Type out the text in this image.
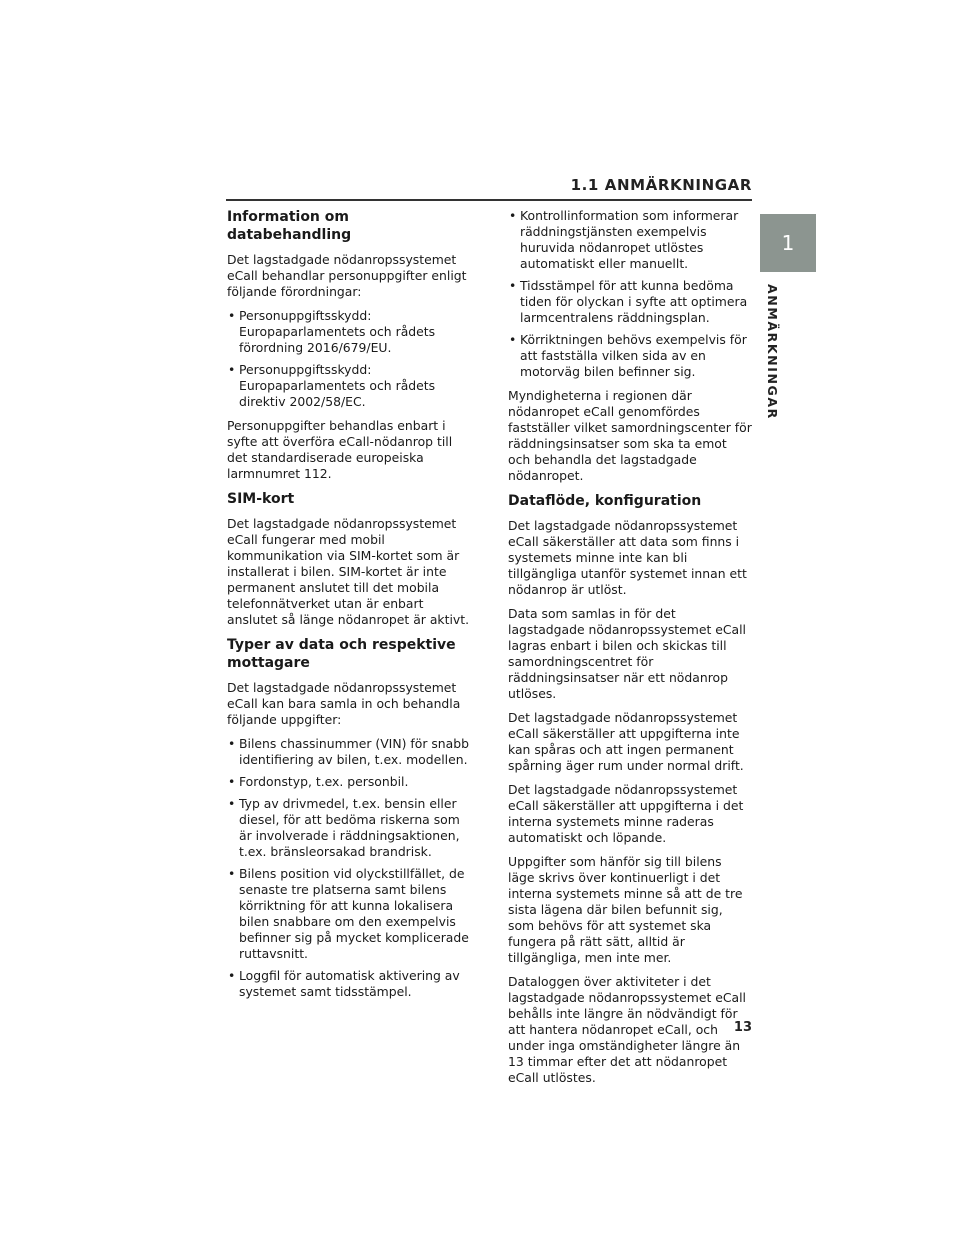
1.1 ANMÄRKNINGAR
1
ANMÄRKNINGAR
Information om databehandling

Det lagstadgade nödanropssystemet eCall behandlar personuppgifter enligt följande förordningar:

• Personuppgiftsskydd: Europaparlamentets och rådets förordning 2016/679/EU.
• Personuppgiftsskydd: Europaparlamentets och rådets direktiv 2002/58/EC.

Personuppgifter behandlas enbart i syfte att överföra eCall-nödanrop till det standardiserade europeiska larmnumret 112.

SIM-kort

Det lagstadgade nödanropssystemet eCall fungerar med mobil kommunikation via SIM-kortet som är installerat i bilen. SIM-kortet är inte permanent anslutet till det mobila telefonnätverket utan är enbart anslutet så länge nödanropet är aktivt.

Typer av data och respektive mottagare

Det lagstadgade nödanropssystemet eCall kan bara samla in och behandla följande uppgifter:

• Bilens chassinummer (VIN) för snabb identifiering av bilen, t.ex. modellen.
• Fordonstyp, t.ex. personbil.
• Typ av drivmedel, t.ex. bensin eller diesel, för att bedöma riskerna som är involverade i räddningsaktionen, t.ex. bränsleorsakad brandrisk.
• Bilens position vid olyckstillfället, de senaste tre platserna samt bilens körriktning för att kunna lokalisera bilen snabbare om den exempelvis befinner sig på mycket komplicerade ruttavsnitt.
• Loggfil för automatisk aktivering av systemet samt tidsstämpel.
• Kontrollinformation som informerar räddningstjänsten exempelvis huruvida nödanropet utlöstes automatiskt eller manuellt.
• Tidsstämpel för att kunna bedöma tiden för olyckan i syfte att optimera larmcentralens räddningsplan.
• Körriktningen behövs exempelvis för att fastställa vilken sida av en motorväg bilen befinner sig.

Myndigheterna i regionen där nödanropet eCall genomfördes fastställer vilket samordningscenter för räddningsinsatser som ska ta emot och behandla det lagstadgade nödanropet.

Dataflöde, konfiguration

Det lagstadgade nödanropssystemet eCall säkerställer att data som finns i systemets minne inte kan bli tillgängliga utanför systemet innan ett nödanrop är utlöst.

Data som samlas in för det lagstadgade nödanropssystemet eCall lagras enbart i bilen och skickas till samordningscentret för räddningsinsatser när ett nödanrop utlöses.

Det lagstadgade nödanropssystemet eCall säkerställer att uppgifterna inte kan spåras och att ingen permanent spårning äger rum under normal drift.

Det lagstadgade nödanropssystemet eCall säkerställer att uppgifterna i det interna systemets minne raderas automatiskt och löpande.

Uppgifter som hänför sig till bilens läge skrivs över kontinuerligt i det interna systemets minne så att de tre sista lägena där bilen befunnit sig, som behövs för att systemet ska fungera på rätt sätt, alltid är tillgängliga, men inte mer.

Dataloggen över aktiviteter i det lagstadgade nödanropssystemet eCall behålls inte längre än nödvändigt för att hantera nödanropet eCall, och under inga omständigheter längre än 13 timmar efter det att nödanropet eCall utlöstes.

13
